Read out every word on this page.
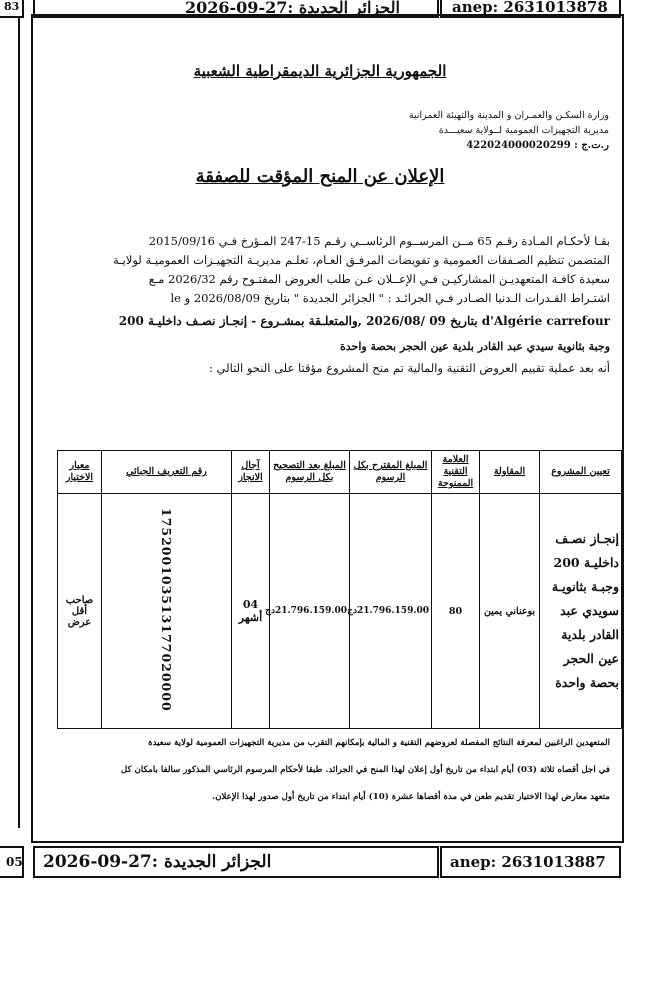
83	2026-09-27: الجزائر الجديدة	anep: 2631013878
الجمهورية الجزائرية الديمقراطية الشعبية
وزارة السكـن والعمـران و المدينة والتهيئة العمرانية
مديرية التجهيزات العمومية لــولاية سعيـــدة
ر.ت.ج : 422024000020299
الإعلان عن المنح المؤقت للصفقة
بقـا لأحكـام المـادة رقـم 65 مــن المرســوم الرئاســي رقـم 15-247 المـؤرخ فـي 2015/09/16
المتضمن تنظيم الصـفقات العمومية و تفويضات المرفـق العـام، تعلـم مديريـة التجهيـزات العموميـة لولايـة
سعيدة كافـة المتعهديـن المشاركيـن فـي الإعــلان عـن طلب العروض المفتـوح رقم 2026/32 مـع
اشتـراط القـدرات الـدنيا الصـادر فـي الجرائـد : " الجزائر الجديدة " بتاريخ 2026/08/09 و le
d'Algérie carrefour بتاريخ 09 /2026/08 ,والمتعلـقة بمشـروع - إنجـاز نصـف داخليـة 200
وجبة بثانوية سيدي عبد القادر بلدية عين الحجر بحصة واحدة
أنه بعد عملية تقييم العروض التقنية والمالية تم منح المشروع مؤقتا على النحو التالي :
تعيين المشروع	المقاولة	العلامة التقنية الممنوحة	المبلغ المقترح بكل الرسوم	المبلغ بعد التصحيح بكل الرسوم	آجال الانجاز	رقم التعريف الجبائي	معيار الاختيار
إنجـاز نصـف داخليـة 200 وجبـة بثانويـة سويدي عبد القادر بلدية عين الحجر بحصة واحدة	بوعناني يمين	80	21.796.159.00دج	21.796.159.00دج	04 أشهر	175200103513177020000	صاحب أقل عرض
المتعهدين الراغبين لمعرفة النتائج المفصلة لعروضهم التقنية و المالية بإمكانهم التقرب من مديرية التجهيزات العمومية لولاية سعيدة
في اجل أقصاه ثلاثة (03) أيام ابتداء من تاريخ أول إعلان لهذا المنح في الجرائد. طبقا لأحكام المرسوم الرئاسي المذكور سالفا بامكان كل
متعهد معارض لهذا الاختيار تقديم طعن في مدة أقصاها عشرة (10) أيام ابتداء من تاريخ أول صدور لهذا الإعلان.
05 2026-09-27: الجزائر الجديدة	anep: 2631013887
